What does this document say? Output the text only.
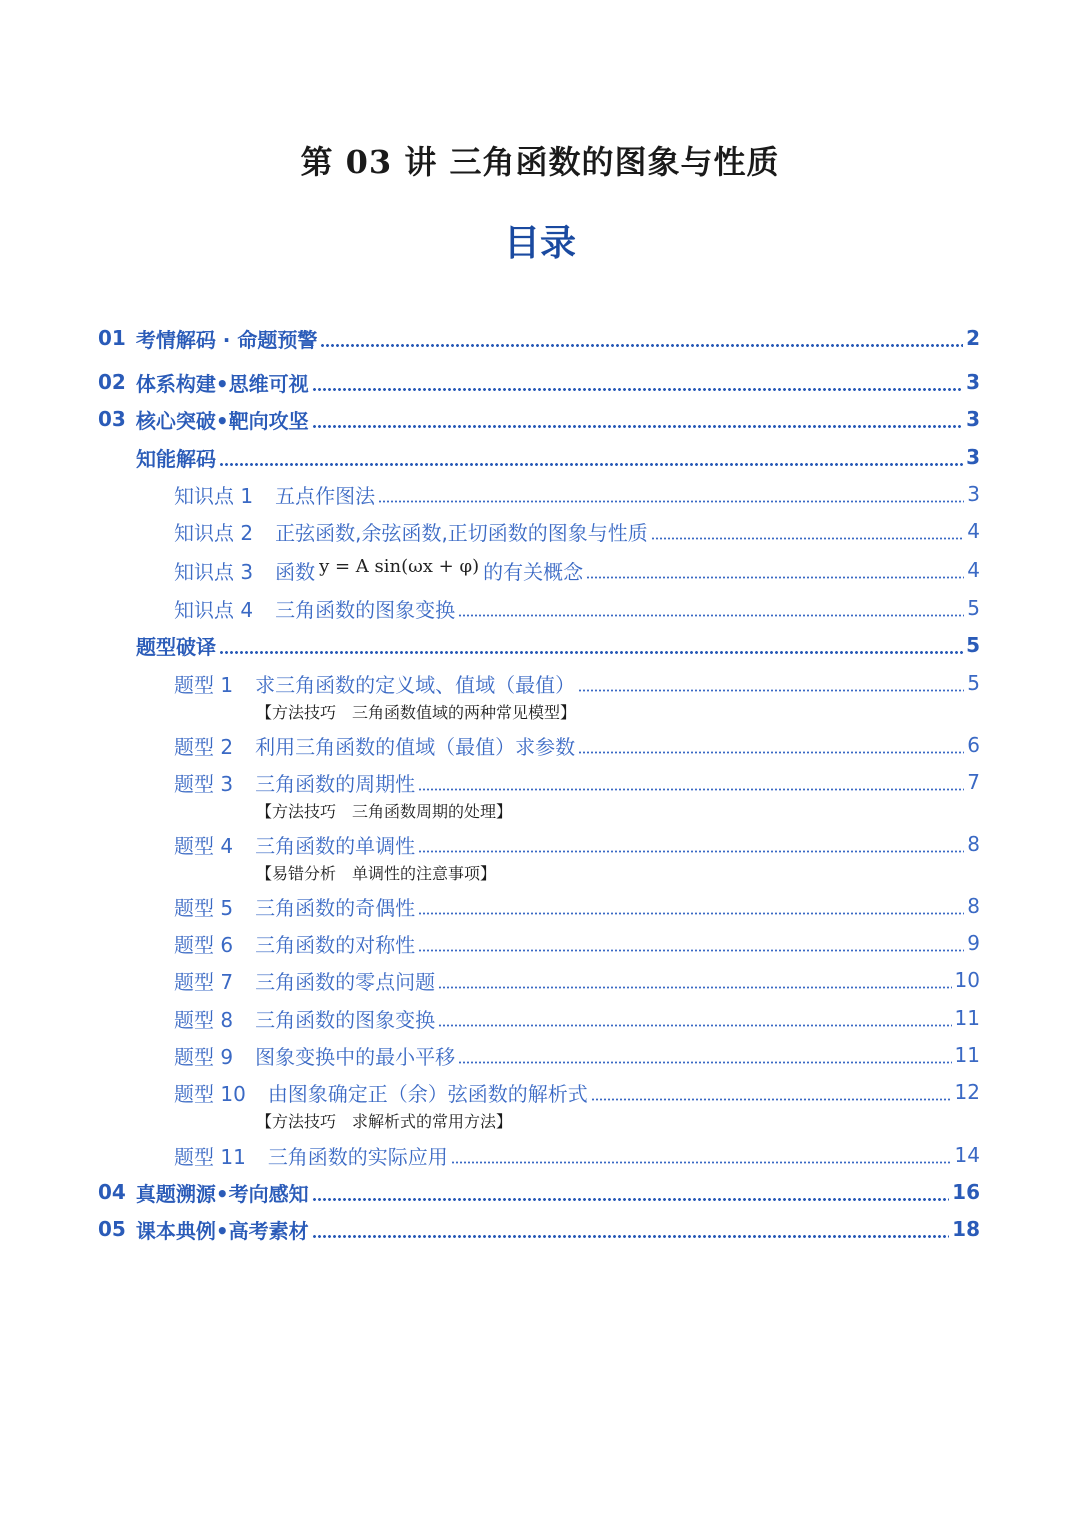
第 03 讲 三角函数的图象与性质
目录
01 考情解码 · 命题预警	2
02 体系构建•思维可视	3
03 核心突破•靶向攻坚	3
知能解码	3
知识点 1 五点作图法	3
知识点 2 正弦函数,余弦函数,正切函数的图象与性质	4
知识点 3 函数 y = A sin(ωx + φ) 的有关概念	4
知识点 4 三角函数的图象变换	5
题型破译	5
题型 1 求三角函数的定义域、值域（最值）	5
【方法技巧　三角函数值域的两种常见模型】
题型 2 利用三角函数的值域（最值）求参数	6
题型 3 三角函数的周期性	7
【方法技巧　三角函数周期的处理】
题型 4 三角函数的单调性	8
【易错分析　单调性的注意事项】
题型 5 三角函数的奇偶性	8
题型 6 三角函数的对称性	9
题型 7 三角函数的零点问题	10
题型 8 三角函数的图象变换	11
题型 9 图象变换中的最小平移	11
题型 10 由图象确定正（余）弦函数的解析式	12
【方法技巧　求解析式的常用方法】
题型 11 三角函数的实际应用	14
04 真题溯源•考向感知	16
05 课本典例•高考素材	18
